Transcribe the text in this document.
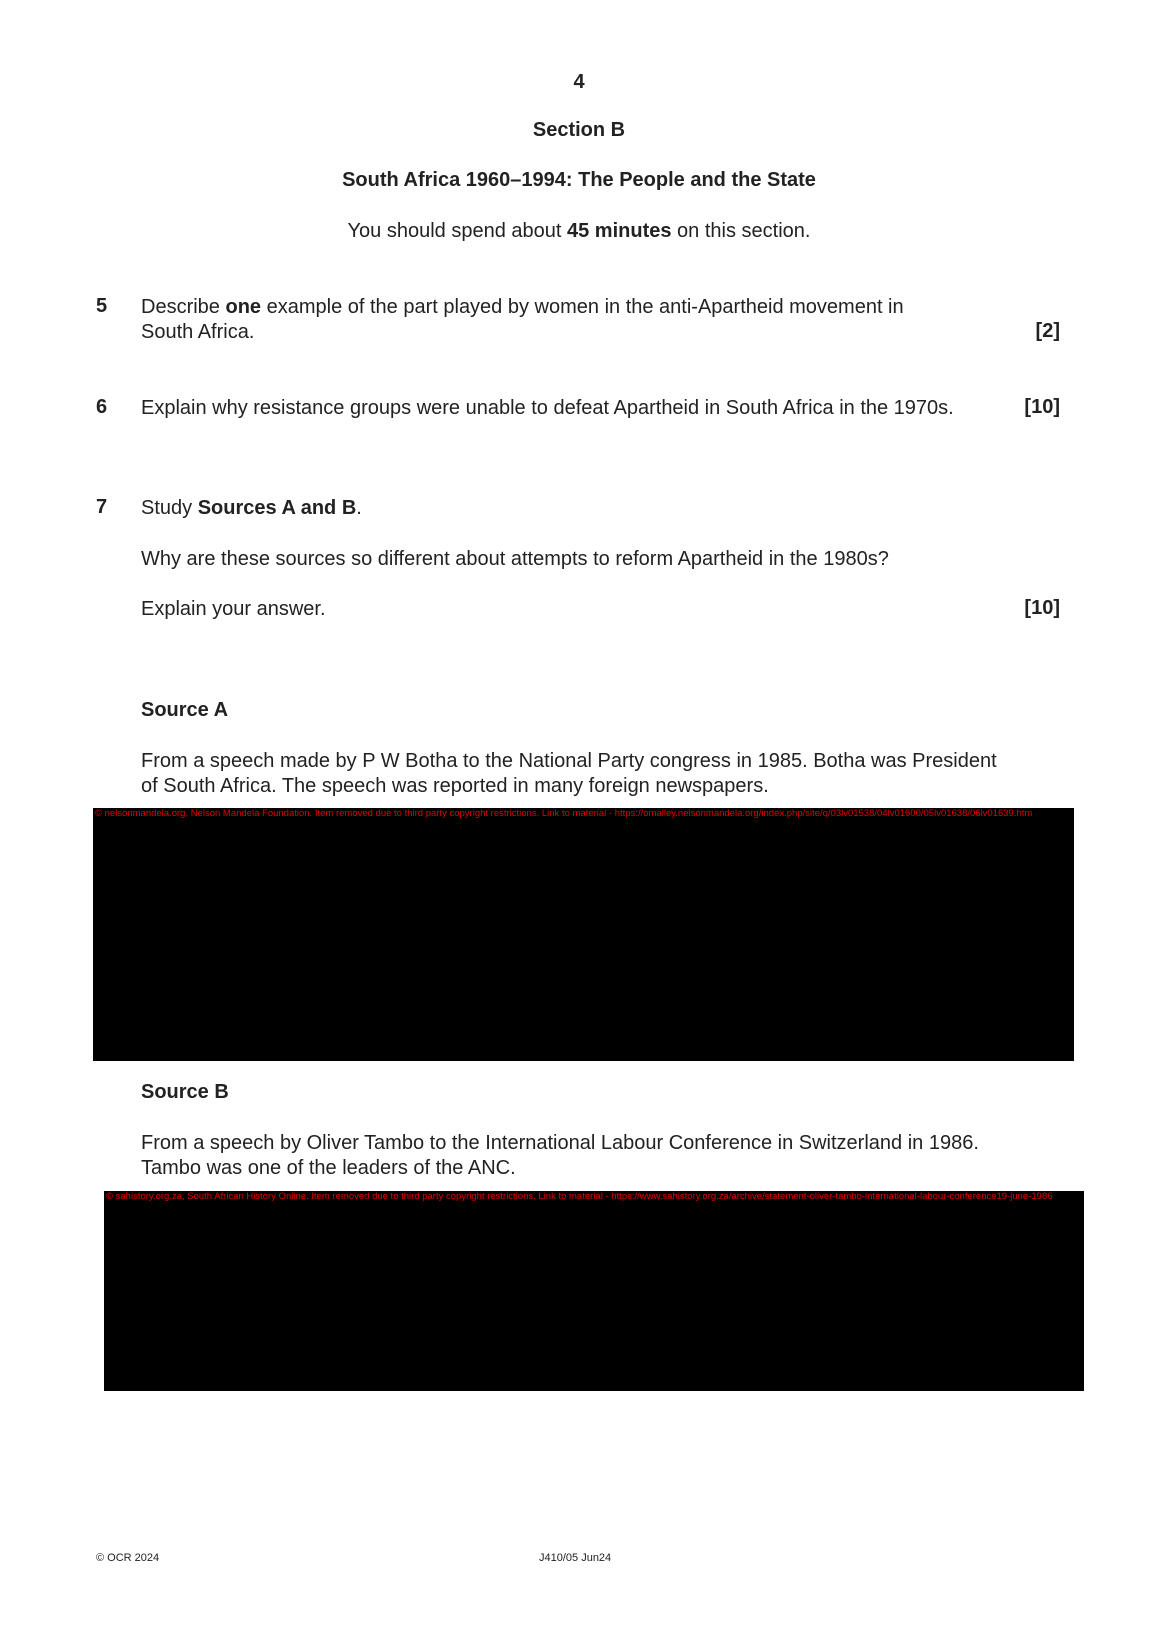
4
Section B
South Africa 1960–1994: The People and the State
You should spend about 45 minutes on this section.
5 Describe one example of the part played by women in the anti-Apartheid movement in
South Africa.	[2]
6 Explain why resistance groups were unable to defeat Apartheid in South Africa in the 1970s.	[10]
7 Study Sources A and B.
Why are these sources so different about attempts to reform Apartheid in the 1980s?
Explain your answer.	[10]
Source A
From a speech made by P W Botha to the National Party congress in 1985. Botha was President
of South Africa. The speech was reported in many foreign newspapers.
© nelsonmandela.org, Nelson Mandela Foundation. Item removed due to third party copyright restrictions. Link to material - https://omalley.nelsonmandela.org/index.php/site/q/03lv01538/04lv01600/05lv01638/06lv01639.htm
Source B
From a speech by Oliver Tambo to the International Labour Conference in Switzerland in 1986.
Tambo was one of the leaders of the ANC.
© sahistory.org.za, South African History Online. Item removed due to third party copyright restrictions. Link to material - https://www.sahistory.org.za/archive/statement-oliver-tambo-international-labour-conference19-june-1986
© OCR 2024	J410/05 Jun24
